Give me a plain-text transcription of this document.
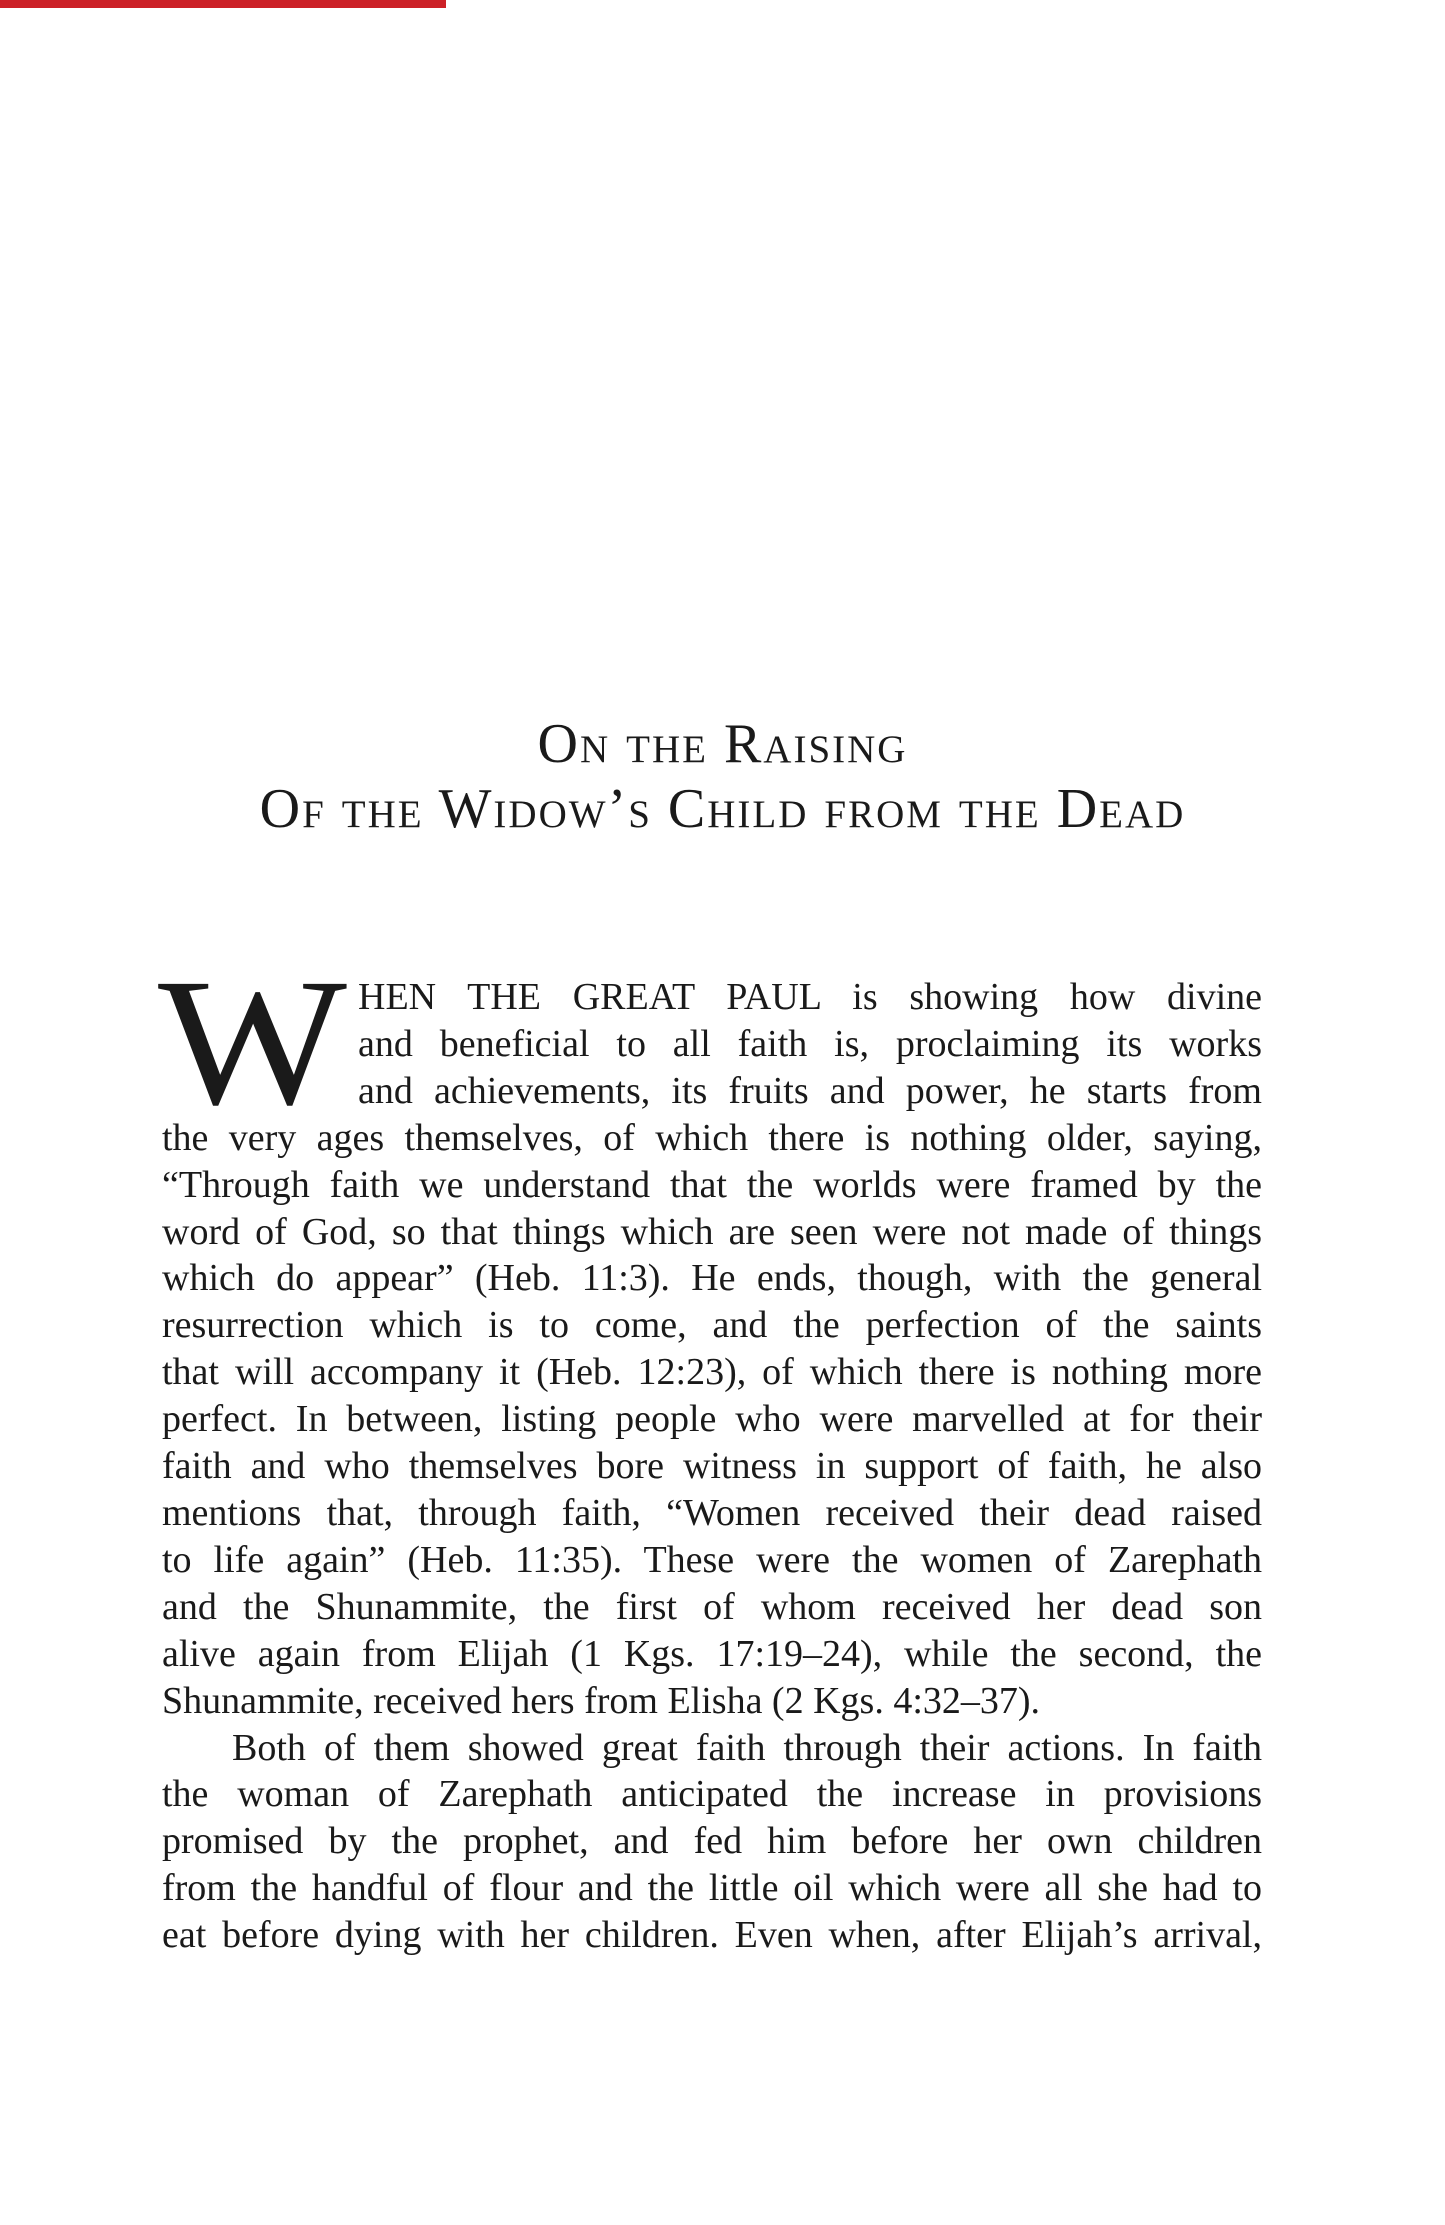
On the Raising
Of the Widow’s Child from the Dead
W HEN THE GREAT PAUL is showing how divine
and beneficial to all faith is, proclaiming its works
and achievements, its fruits and power, he starts from
the very ages themselves, of which there is nothing older, saying,
“Through faith we understand that the worlds were framed by the
word of God, so that things which are seen were not made of things
which do appear” (Heb. 11:3). He ends, though, with the general
resurrection which is to come, and the perfection of the saints
that will accompany it (Heb. 12:23), of which there is nothing more
perfect. In between, listing people who were marvelled at for their
faith and who themselves bore witness in support of faith, he also
mentions that, through faith, “Women received their dead raised
to life again” (Heb. 11:35). These were the women of Zarephath
and the Shunammite, the first of whom received her dead son
alive again from Elijah (1 Kgs. 17:19–24), while the second, the
Shunammite, received hers from Elisha (2 Kgs. 4:32–37).
Both of them showed great faith through their actions. In faith
the woman of Zarephath anticipated the increase in provisions
promised by the prophet, and fed him before her own children
from the handful of flour and the little oil which were all she had to
eat before dying with her children. Even when, after Elijah’s arrival,
